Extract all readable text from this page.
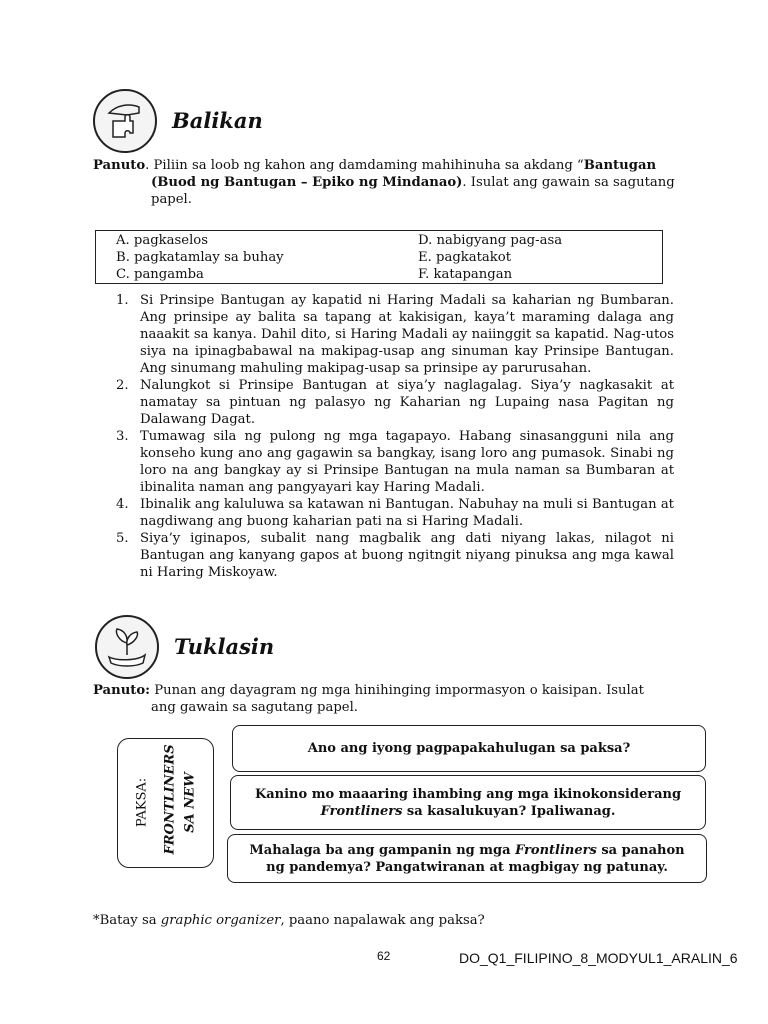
Balikan
Panuto. Piliin sa loob ng kahon ang damdaming mahihinuha sa akdang “Bantugan
(Buod ng Bantugan – Epiko ng Mindanao). Isulat ang gawain sa sagutang
papel.
A. pagkaselos
B. pagkatamlay sa buhay
C. pangamba
D. nabigyang pag-asa
E. pagkatakot
F. katapangan
1. Si Prinsipe Bantugan ay kapatid ni Haring Madali sa kaharian ng Bumbaran. Ang prinsipe ay balita sa tapang at kakisigan, kaya’t maraming dalaga ang naaakit sa kanya. Dahil dito, si Haring Madali ay naiinggit sa kapatid. Nag-utos siya na ipinagbabawal na makipag-usap ang sinuman kay Prinsipe Bantugan. Ang sinumang mahuling makipag-usap sa prinsipe ay parurusahan.
2. Nalungkot si Prinsipe Bantugan at siya’y naglagalag. Siya’y nagkasakit at namatay sa pintuan ng palasyo ng Kaharian ng Lupaing nasa Pagitan ng Dalawang Dagat.
3. Tumawag sila ng pulong ng mga tagapayo. Habang sinasangguni nila ang konseho kung ano ang gagawin sa bangkay, isang loro ang pumasok. Sinabi ng loro na ang bangkay ay si Prinsipe Bantugan na mula naman sa Bumbaran at ibinalita naman ang pangyayari kay Haring Madali.
4. Ibinalik ang kaluluwa sa katawan ni Bantugan. Nabuhay na muli si Bantugan at nagdiwang ang buong kaharian pati na si Haring Madali.
5. Siya’y iginapos, subalit nang magbalik ang dati niyang lakas, nilagot ni Bantugan ang kanyang gapos at buong ngitngit niyang pinuksa ang mga kawal ni Haring Miskoyaw.
Tuklasin
Panuto: Punan ang dayagram ng mga hinihinging impormasyon o kaisipan. Isulat
ang gawain sa sagutang papel.
PAKSA: FRONTLINERS SA NEW
Ano ang iyong pagpapakahulugan sa paksa?
Kanino mo maaaring ihambing ang mga ikinokonsiderang
Frontliners sa kasalukuyan? Ipaliwanag.
Mahalaga ba ang gampanin ng mga Frontliners sa panahon
ng pandemya? Pangatwiranan at magbigay ng patunay.
*Batay sa graphic organizer, paano napalawak ang paksa?
62	DO_Q1_FILIPINO_8_MODYUL1_ARALIN_6
